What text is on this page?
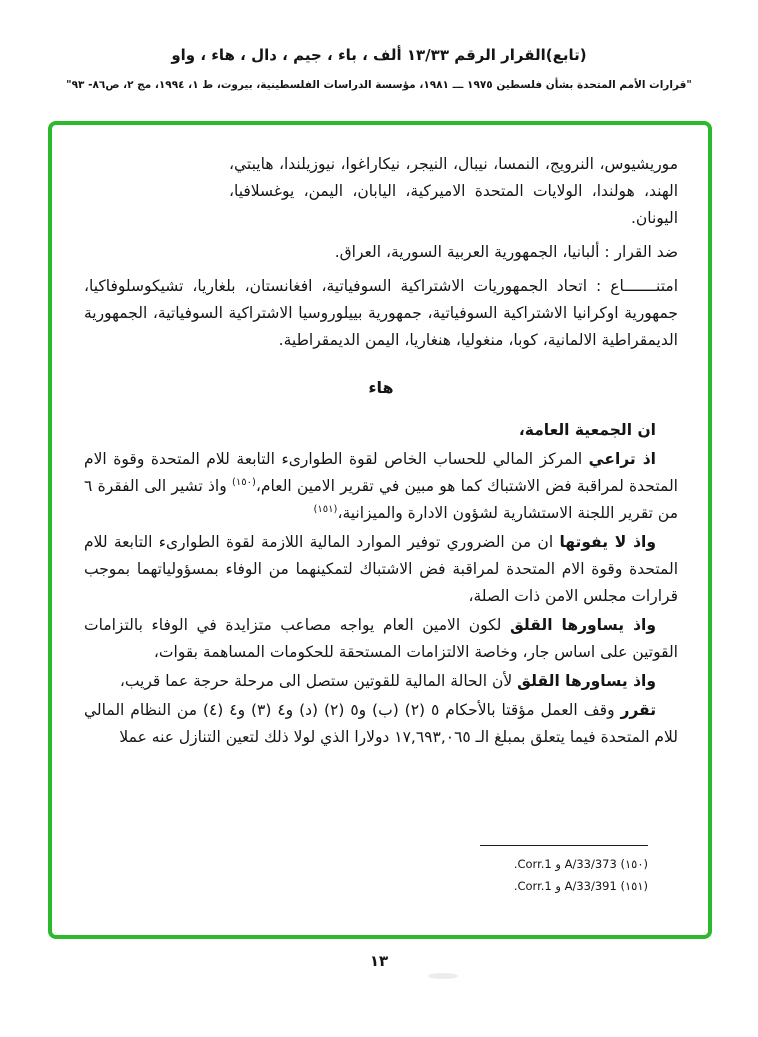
(تابع)القرار الرقم ١٣/٣٣ ألف ، باء ، جيم ، دال ، هاء ، واو
"قرارات الأمم المتحدة بشأن فلسطين ١٩٧٥ ـــ ١٩٨١، مؤسسة الدراسات الفلسطينية، بيروت، ط ١، ١٩٩٤، مج ٢، ص٨٦- ٩٣"
موريشيوس، النرويج، النمسا، نيبال، النيجر، نيكاراغوا، نيوزيلندا، هايبتي، الهند، هولندا، الولايات المتحدة الاميركية، اليابان، اليمن، يوغسلافيا، اليونان.
ضد القرار : ألبانيا، الجمهورية العربية السورية، العراق.
امتنـــــــاع : اتحاد الجمهوريات الاشتراكية السوفياتية، افغانستان، بلغاريا، تشيكوسلوفاكيا، جمهورية اوكرانيا الاشتراكية السوفياتية، جمهورية بييلوروسيا الاشتراكية السوفياتية، الجمهورية الديمقراطية الالمانية، كوبا، منغوليا، هنغاريا، اليمن الديمقراطية.
هاء
ان الجمعية العامة،
اذ تراعي المركز المالي للحساب الخاص لقوة الطوارىء التابعة للام المتحدة وقوة الام المتحدة لمراقبة فض الاشتباك كما هو مبين في تقرير الامين العام،$^{(١٥٠)}$ واذ تشير الى الفقرة ٦ من تقرير اللجنة الاستشارية لشؤون الادارة والميزانية،$^{(١٥١)}$
واذ لا يفوتها ان من الضروري توفير الموارد المالية اللازمة لقوة الطوارىء التابعة للام المتحدة وقوة الام المتحدة لمراقبة فض الاشتباك لتمكينهما من الوفاء بمسؤولياتهما بموجب قرارات مجلس الامن ذات الصلة،
واذ يساورها القلق لكون الامين العام يواجه مصاعب متزايدة في الوفاء بالتزامات القوتين على اساس جار، وخاصة الالتزامات المستحقة للحكومات المساهمة بقوات،
واذ يساورها القلق لأن الحالة المالية للقوتين ستصل الى مرحلة حرجة عما قريب،
تقرر وقف العمل مؤقتا بالأحكام ٥ (٢) (ب) و٥ (٢) (د) و٤ (٣) و٤ (٤) من النظام المالي للام المتحدة فيما يتعلق بمبلغ الـ ١٧,٦٩٣,٠٦٥ دولارا الذي لولا ذلك لتعين التنازل عنه عملا
(١٥٠) A/33/373 و Corr.1.
(١٥١) A/33/391 و Corr.1.
١٣
